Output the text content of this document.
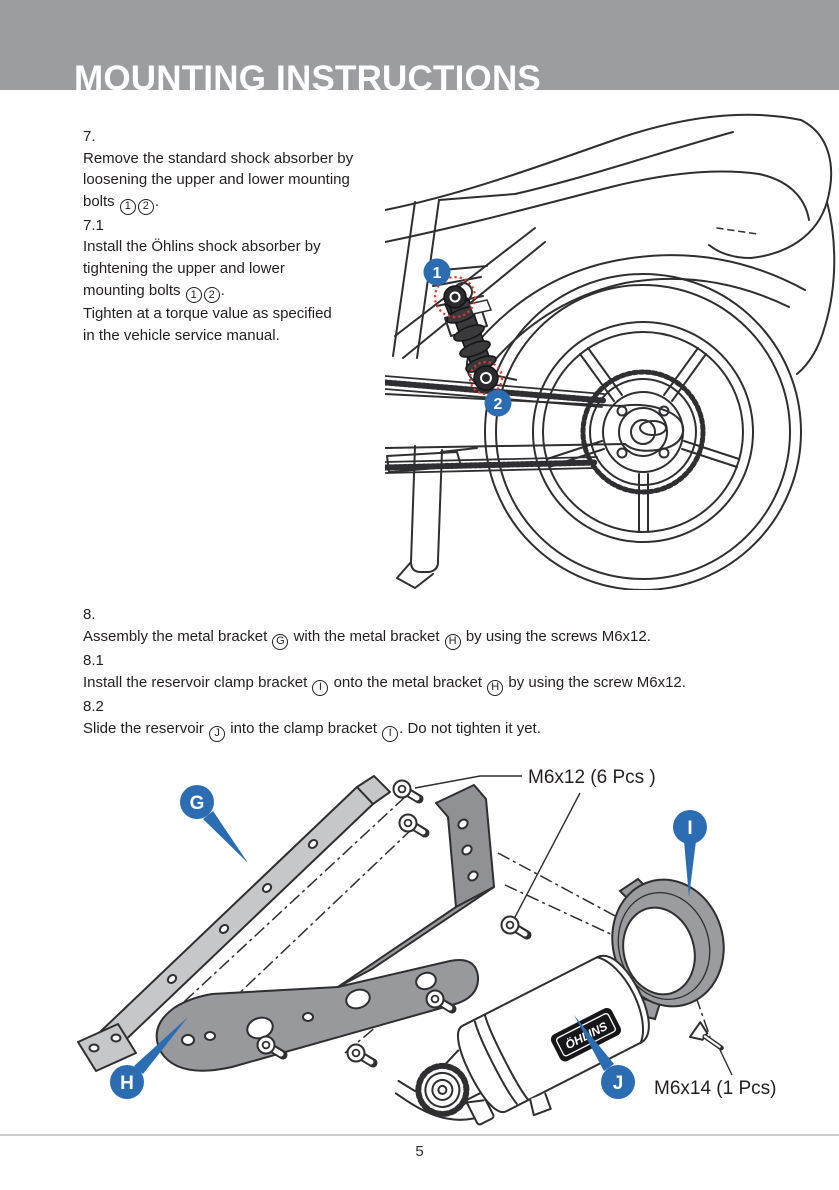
MOUNTING INSTRUCTIONS
7.
Remove the standard shock absorber by
loosening the upper and lower mounting
bolts 1 2 .
7.1
Install the Öhlins shock absorber by
tightening the upper and lower
mounting bolts 1 2 .
Tighten at a torque value as specified
in the vehicle service manual.
1
2
8.
Assembly the metal bracket G with the metal bracket H by using the screws M6x12.
8.1
Install the reservoir clamp bracket I onto the metal bracket H by using the screw M6x12.
8.2
Slide the reservoir J into the clamp bracket I . Do not tighten it yet.
M6x12 (6 Pcs )
M6x14 (1 Pcs)
G
H
I
J
5
